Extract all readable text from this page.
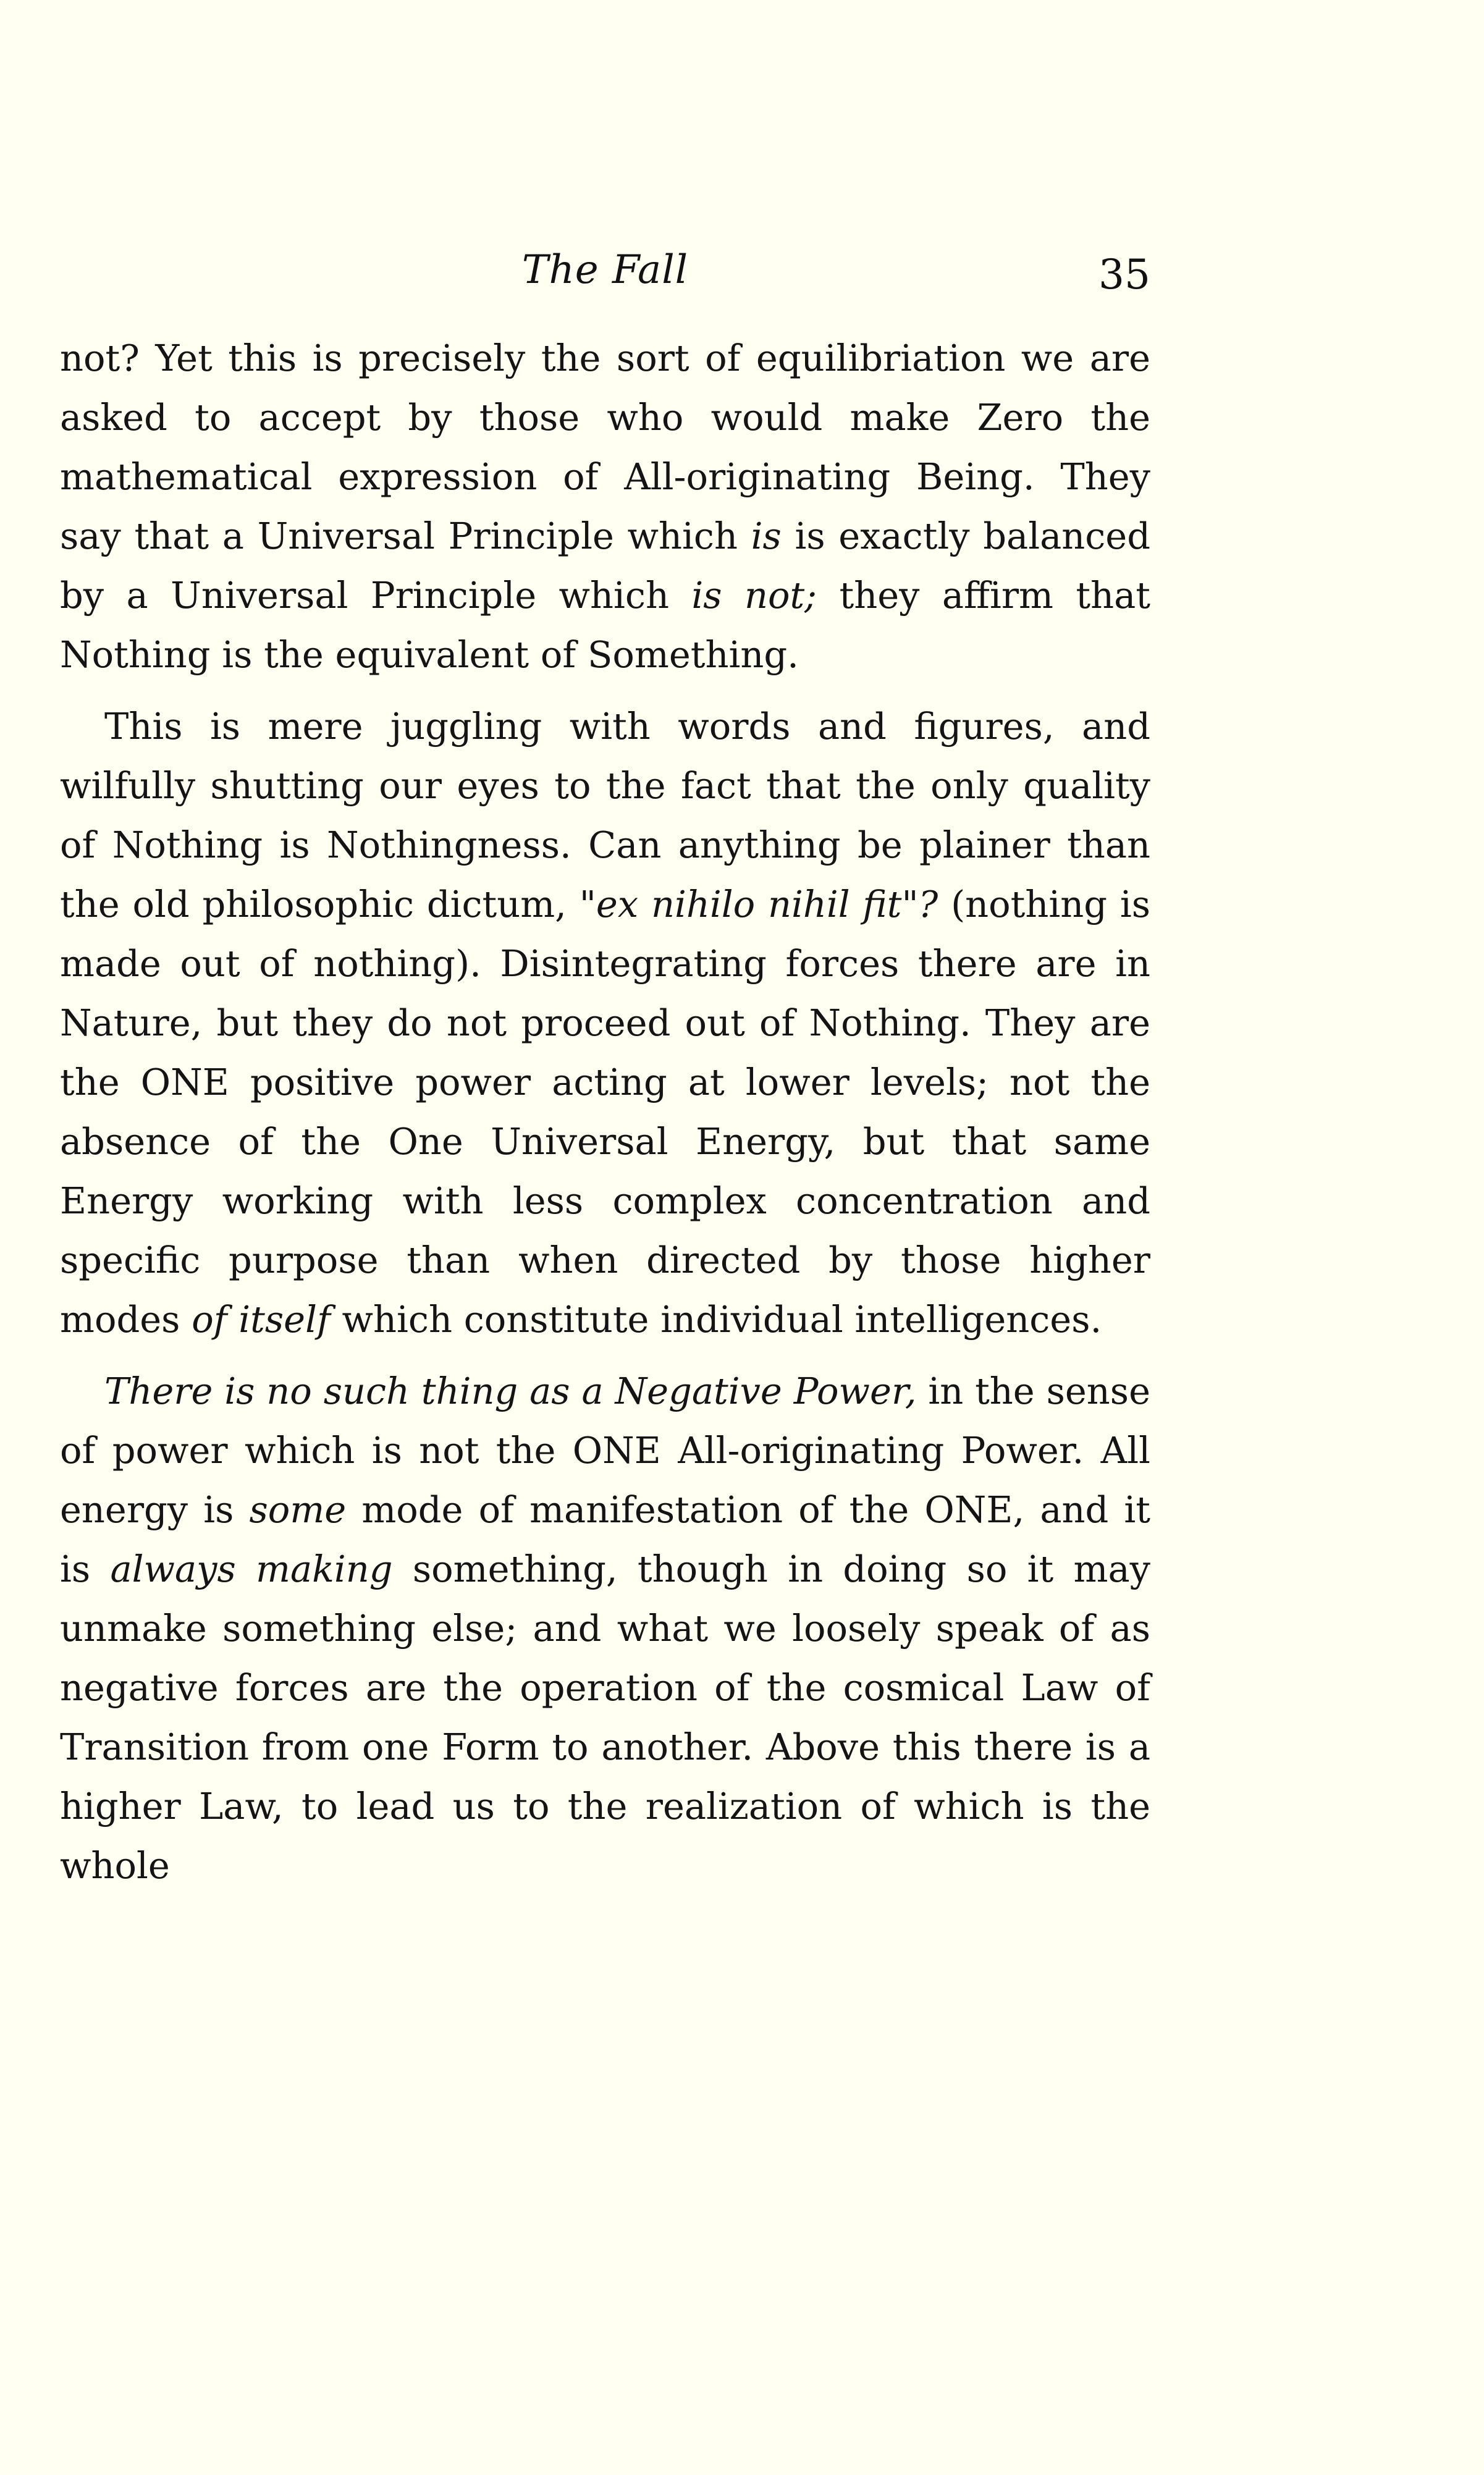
The Fall	35

not? Yet this is precisely the sort of equilibriation we are asked to accept by those who would make Zero the mathematical expression of All-originating Being. They say that a Universal Principle which is is exactly balanced by a Universal Principle which is not; they affirm that Nothing is the equivalent of Something.

This is mere juggling with words and figures, and wilfully shutting our eyes to the fact that the only quality of Nothing is Nothingness. Can anything be plainer than the old philosophic dictum, "ex nihilo nihil fit"? (nothing is made out of nothing). Disintegrating forces there are in Nature, but they do not proceed out of Nothing. They are the ONE positive power acting at lower levels; not the absence of the One Universal Energy, but that same Energy working with less complex concentration and specific purpose than when directed by those higher modes of itself which constitute individual intelligences.

There is no such thing as a Negative Power, in the sense of power which is not the ONE All-originating Power. All energy is some mode of manifestation of the ONE, and it is always making something, though in doing so it may unmake something else; and what we loosely speak of as negative forces are the operation of the cosmical Law of Transition from one Form to another. Above this there is a higher Law, to lead us to the realization of which is the whole
